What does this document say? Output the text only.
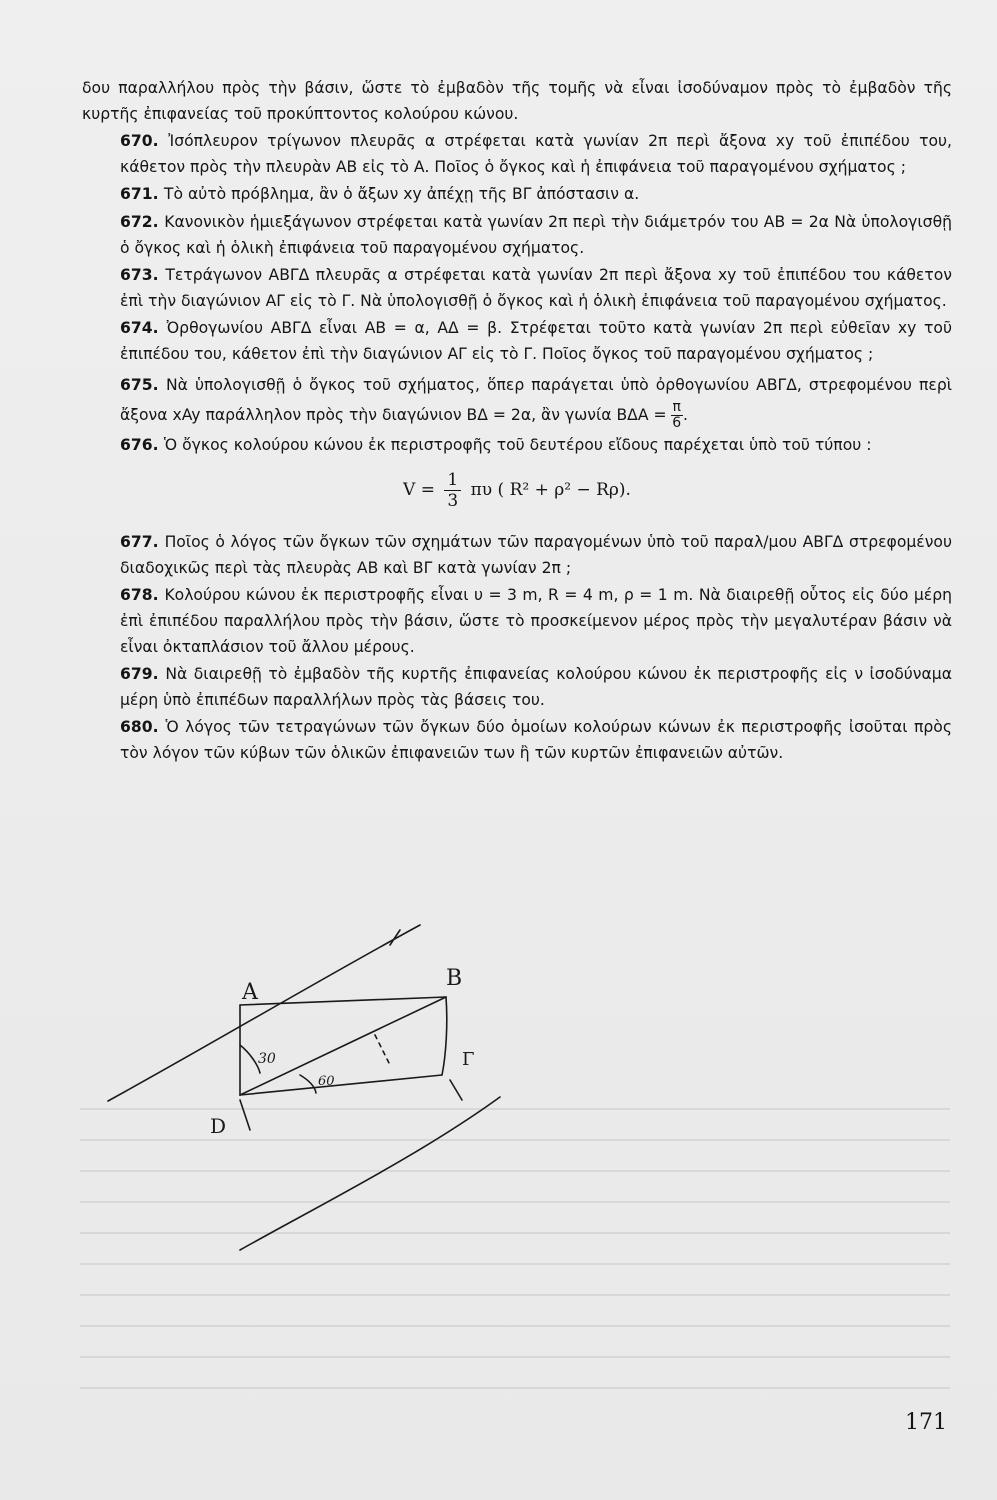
δου παραλλήλου πρὸς τὴν βάσιν, ὥστε τὸ ἐμβαδὸν τῆς τομῆς νὰ εἶναι ἰσοδύναμον πρὸς τὸ ἐμβαδὸν τῆς κυρτῆς ἐπιφανείας τοῦ προκύπτοντος κολούρου κώνου.

670. Ἰσόπλευρον τρίγωνον πλευρᾶς α στρέφεται κατὰ γωνίαν 2π περὶ ἄξονα xy τοῦ ἐπιπέδου του, κάθετον πρὸς τὴν πλευρὰν ΑΒ εἰς τὸ Α. Ποῖος ὁ ὄγκος καὶ ἡ ἐπιφάνεια τοῦ παραγομένου σχήματος ;

671. Τὸ αὐτὸ πρόβλημα, ἂν ὁ ἄξων xy ἀπέχῃ τῆς ΒΓ ἀπόστασιν α.

672. Κανονικὸν ἡμιεξάγωνον στρέφεται κατὰ γωνίαν 2π περὶ τὴν διάμετρόν του ΑΒ = 2α Νὰ ὑπολογισθῇ ὁ ὄγκος καὶ ἡ ὁλικὴ ἐπιφάνεια τοῦ παραγομένου σχήματος.

673. Τετράγωνον ΑΒΓΔ πλευρᾶς α στρέφεται κατὰ γωνίαν 2π περὶ ἄξονα xy τοῦ ἐπιπέδου του κάθετον ἐπὶ τὴν διαγώνιον ΑΓ εἰς τὸ Γ. Νὰ ὑπολογισθῇ ὁ ὄγκος καὶ ἡ ὁλικὴ ἐπιφάνεια τοῦ παραγομένου σχήματος.

674. Ὀρθογωνίου ΑΒΓΔ εἶναι ΑΒ = α, ΑΔ = β. Στρέφεται τοῦτο κατὰ γωνίαν 2π περὶ εὐθεῖαν xy τοῦ ἐπιπέδου του, κάθετον ἐπὶ τὴν διαγώνιον ΑΓ εἰς τὸ Γ. Ποῖος ὄγκος τοῦ παραγομένου σχήματος ;

675. Νὰ ὑπολογισθῇ ὁ ὄγκος τοῦ σχήματος, ὅπερ παράγεται ὑπὸ ὀρθογωνίου ΑΒΓΔ, στρεφομένου περὶ ἄξονα xAy παράλληλον πρὸς τὴν διαγώνιον ΒΔ = 2α, ἂν γωνία $B\Delta A = \frac{\pi}{6}$ .

676. Ὁ ὄγκος κολούρου κώνου ἐκ περιστροφῆς τοῦ δευτέρου εἴδους παρέχεται ὑπὸ τοῦ τύπου :

$V = \frac{1}{3}$ πυ ( R² + ρ² − Rρ).

677. Ποῖος ὁ λόγος τῶν ὄγκων τῶν σχημάτων τῶν παραγομένων ὑπὸ τοῦ παραλ/μου ΑΒΓΔ στρεφομένου διαδοχικῶς περὶ τὰς πλευρὰς ΑΒ καὶ ΒΓ κατὰ γωνίαν 2π ;

678. Κολούρου κώνου ἐκ περιστροφῆς εἶναι υ = 3 m, R = 4 m, ρ = 1 m. Νὰ διαιρεθῇ οὗτος εἰς δύο μέρη ἐπὶ ἐπιπέδου παραλλήλου πρὸς τὴν βάσιν, ὥστε τὸ προσκείμενον μέρος πρὸς τὴν μεγαλυτέραν βάσιν νὰ εἶναι ὀκταπλάσιον τοῦ ἄλλου μέρους.

679. Νὰ διαιρεθῇ τὸ ἐμβαδὸν τῆς κυρτῆς ἐπιφανείας κολούρου κώνου ἐκ περιστροφῆς εἰς ν ἰσοδύναμα μέρη ὑπὸ ἐπιπέδων παραλλήλων πρὸς τὰς βάσεις του.

680. Ὁ λόγος τῶν τετραγώνων τῶν ὄγκων δύο ὁμοίων κολούρων κώνων ἐκ περιστροφῆς ἰσοῦται πρὸς τὸν λόγον τῶν κύβων τῶν ὁλικῶν ἐπιφανειῶν των ἢ τῶν κυρτῶν ἐπιφανειῶν αὐτῶν.

A
B
D
Γ
30
60
171
